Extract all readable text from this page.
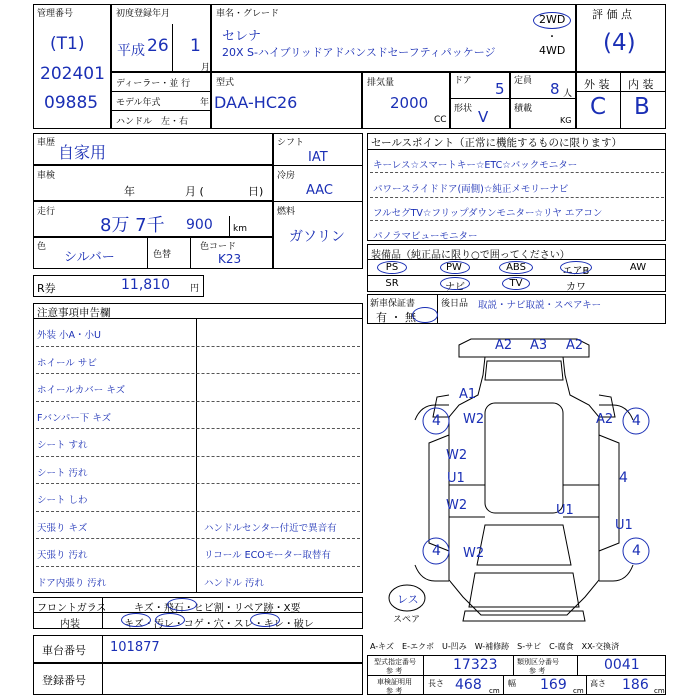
管理番号
(T1)
202401
09885
初度登録年月
平成 26 1
月
車名・グレード
セレナ
20X S-ハイブリッドアドバンスドセーフティパッケージ
2WD
・
4WD
評 価 点
(4)
ディーラー・並 行
モデル年式	年
ハンドル　左・右
型式
DAA-HC26
排気量
2000
CC
ドア 5
形状 V
定員 8 人
積載
KG
外 装 内 装
C B
車歴 自家用
車検
年	月 (	日)
走行
8万 7千 900 km
色
シルバー	色替
色コード
K23
シフト
IAT
冷房
AAC
燃料
ガソリン
R券	11,810 円
セールスポイント（正常に機能するものに限ります）
キーレス☆スマートキー☆ETC☆バックモニター
パワースライドドア(両側)☆純正メモリーナビ
フルセグTV☆フリップダウンモニター☆リヤ エアコン
パノラマビューモニター
装備品（純正品に限り○で囲ってください）
PS	PW	ABS	エアB	AW
SR	ナビ	TV	カワ
新車保証書
有 ・ 無
後日品 取説・ナビ取説・スペアキー
注意事項申告欄
外装 小A・小U
ホイール サビ
ホイールカバー キズ
Fバンパー下 キズ
シート すれ
シート 汚れ
シート しわ
天張り キズ	ハンドルセンター付近で異音有
天張り 汚れ	リコール ECOモーター取替有
ドア内張り 汚れ	ハンドル 汚れ
フロントガラス	キズ・飛石・ヒビ割・リペア跡・X要
内装	キズ・汚レ・コゲ・穴・スレ・キレ・破レ
A2 A3 A2
A1
W2	A2
W2
U1
W2	U1
U1
W2
4	4
4
4	4
レス
スペア
A-キズ　E-エクボ　U-凹み　W-補修跡　S-サビ　C-腐食　XX-交換済
車台番号 101877
登録番号
型式指定番号
参 考	17323	類別区分番号
参 考	0041
車検証明用
参 考
長さ 468 cm
幅 169 cm
高さ 186 cm
